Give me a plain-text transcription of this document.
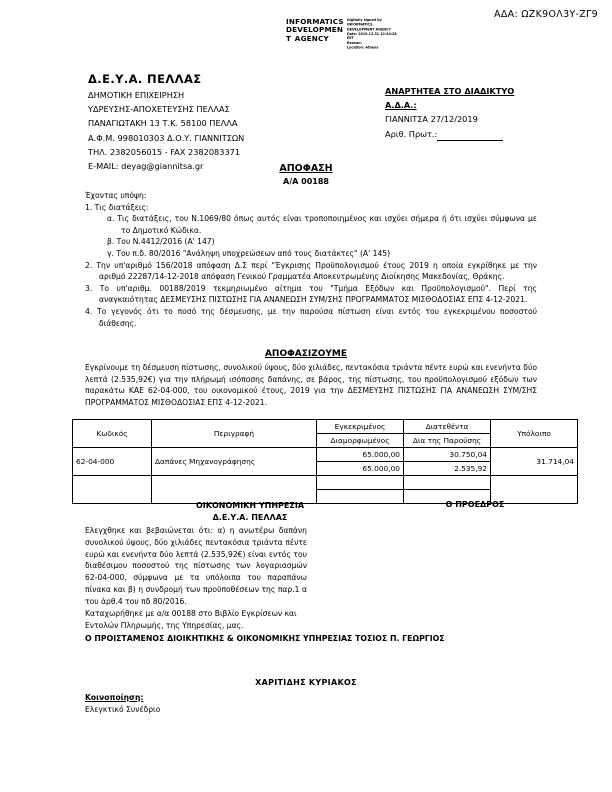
ΑΔΑ: ΩΖΚ9ΟΛ3Υ-ΖΓ9
INFORMATICS
DEVELOPMEN
T AGENCY
Digitally signed by
INFORMATICS
DEVELOPMENT AGENCY
Date: 2019.12.31 12:20:28
EET
Reason:
Location: Athens
Δ.Ε.Υ.Α. ΠΕΛΛΑΣ
ΔΗΜΟΤΙΚΗ ΕΠΙΧΕΙΡΗΣΗ
ΥΔΡΕΥΣΗΣ-ΑΠΟΧΕΤΕΥΣΗΣ ΠΕΛΛΑΣ
ΠΑΝΑΓΙΩΤΑΚΗ 13 Τ.Κ. 58100 ΠΕΛΛΑ
Α.Φ.Μ. 998010303 Δ.Ο.Υ. ΓΙΑΝΝΙΤΣΩΝ
ΤΗΛ. 2382056015 - FAX 2382083371
E-MAIL: deyag@giannitsa.gr
ΑΝΑΡΤΗΤΕΑ ΣΤΟ ΔΙΑΔΙΚΤΥΟ
Α.Δ.Α.:
ΓΙΑΝΝΙΤΣΑ 27/12/2019
Αριθ. Πρωτ.:
ΑΠΟΦΑΣΗ
Α/Α 00188
Έχοντας υπόψη:
1. Τις διατάξεις:
α. Τις διατάξεις, του Ν.1069/80 όπως αυτός είναι τροποποιημένος και ισχύει σήμερα ή ότι ισχύει σύμφωνα με το Δημοτικό Κώδικα.
β. Του Ν.4412/2016 (Α' 147)
γ. Του π.δ. 80/2016 "Ανάληψη υποχρεώσεων από τους διατάκτες" (Α' 145)
2. Την υπ'αριθμό 156/2018 απόφαση Δ.Σ περί "Έγκρισης Προϋπολογισμού έτους 2019 η οποία εγκρίθηκε με την αριθμό 22287/14-12-2018 απόφαση Γενικού Γραμματέα Αποκεντρωμένης Διοίκησης Μακεδονίας, Θράκης.
3. Το υπ'αριθμ. 00188/2019 τεκμηριωμένο αίτημα του "Τμήμα Εξόδων και Προϋπολογισμού". Περί της αναγκαιότητας ΔΕΣΜΕΥΣΗΣ ΠΙΣΤΩΣΗΣ ΓΙΑ ΑΝΑΝΕΩΣΗ ΣΥΜ/ΣΗΣ ΠΡΟΓΡΑΜΜΑΤΟΣ ΜΙΣΘΟΔΟΣΙΑΣ ΕΠΣ 4-12-2021.
4. Το γεγονός ότι το ποσό της δέσμευσης, με την παρούσα πίστωση είναι εντός του εγκεκριμένου ποσοστού διάθεσης.
ΑΠΟΦΑΣΙΖΟΥΜΕ
Εγκρίνουμε τη δέσμευση πίστωσης, συνολικού ύψους, δύο χιλιάδες, πεντακόσια τριάντα πέντε ευρώ και ενενήντα δύο λεπτά (2.535,92€) για την πλήρωμή ισόποσης δαπάνης, σε βάρος, της πίστωσης, του προϋπολογισμού εξόδων των παρακάτω ΚΑΕ 62-04-000, του οικονομικού έτους, 2019 για την ΔΕΣΜΕΥΣΗΣ ΠΙΣΤΩΣΗΣ ΓΙΑ ΑΝΑΝΕΩΣΗ ΣΥΜ/ΣΗΣ ΠΡΟΓΡΑΜΜΑΤΟΣ ΜΙΣΘΟΔΟΣΙΑΣ ΕΠΣ 4-12-2021.
Κωδικός	Περιγραφή	Εγκεκριμένος	Διατεθέντα	Υπόλοιπο
		Διαμορφωμένος	Δια της Παρούσης	
62-04-000	Δαπάνες Μηχανογράφησης	65.000,00	30.750,04	31.714,04
		65.000,00	2.535,92	

ΟΙΚΟΝΟΜΙΚΗ ΥΠΗΡΕΣΙΑ
Δ.Ε.Υ.Α. ΠΕΛΛΑΣ
Ο ΠΡΟΕΔΡΟΣ
Ελεγχθηκε και βεβαιώνεται ότι: α) η ανωτέρω δαπάνη συνολικού ύψους, δύο χιλιάδες πεντακόσια τριάντα πέντε ευρώ και ενενήντα δύο λεπτά (2.535,92€) είναι εντός του διαθέσιμου ποσοστού της πίστωσης των λογαριασμών 62-04-000, σύμφωνα με τα υπόλοιπα του παραπάνω πίνακα και β) η συνδρομή των προϋποθέσεων της παρ.1 α του άρθ.4 του πδ 80/2016.
Καταχωρήθηκε με α/α 00188 στο Βιβλίο Εγκρίσεων και
Εντολών Πληρωμής, της Υπηρεσίας, μας.
Ο ΠΡΟΙΣΤΑΜΕΝΟΣ ΔΙΟΙΚΗΤΙΚΗΣ & ΟΙΚΟΝΟΜΙΚΗΣ ΥΠΗΡΕΣΙΑΣ ΤΟΣΙΟΣ Π. ΓΕΩΡΓΙΟΣ
ΧΑΡΙΤΙΔΗΣ ΚΥΡΙΑΚΟΣ
Κοινοποίηση:
Ελεγκτικό Συνέδριο
